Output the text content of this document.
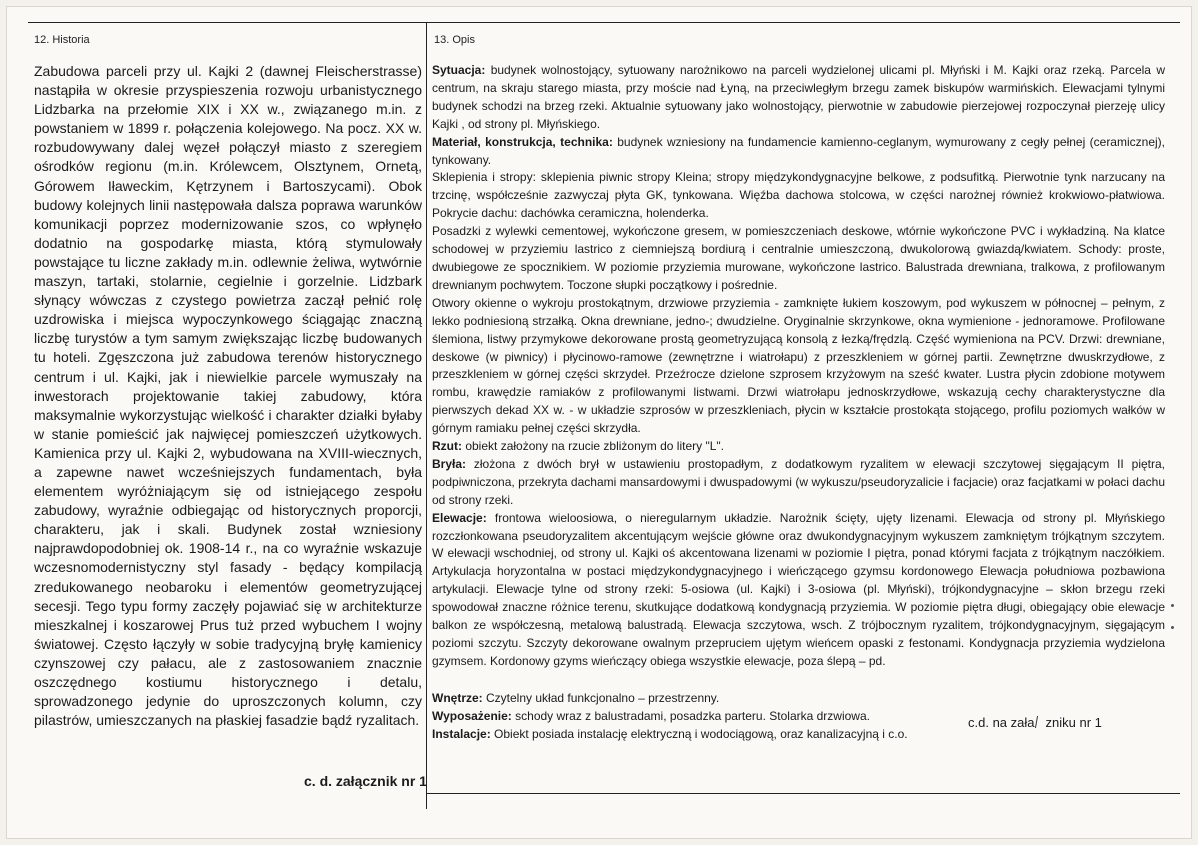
12. Historia	13. Opis

Zabudowa parceli przy ul. Kajki 2 (dawnej Fleischerstrasse) nastąpiła w okresie przyspieszenia rozwoju urbanistycznego Lidzbarka na przełomie XIX i XX w., związanego m.in. z powstaniem w 1899 r. połączenia kolejowego. Na pocz. XX w. rozbudowywany dalej węzeł połączył miasto z szeregiem ośrodków regionu (m.in. Królewcem, Olsztynem, Ornetą, Górowem Iławeckim, Kętrzynem i Bartoszycami). Obok budowy kolejnych linii następowała dalsza poprawa warunków komunikacji poprzez modernizowanie szos, co wpłynęło dodatnio na gospodarkę miasta, którą stymulowały powstające tu liczne zakłady m.in. odlewnie żeliwa, wytwórnie maszyn, tartaki, stolarnie, cegielnie i gorzelnie. Lidzbark słynący wówczas z czystego powietrza zaczął pełnić rolę uzdrowiska i miejsca wypoczynkowego ściągając znaczną liczbę turystów a tym samym zwiększając liczbę budowanych tu hoteli. Zgęszczona już zabudowa terenów historycznego centrum i ul. Kajki, jak i niewielkie parcele wymuszały na inwestorach projektowanie takiej zabudowy, która maksymalnie wykorzystując wielkość i charakter działki byłaby w stanie pomieścić jak najwięcej pomieszczeń użytkowych. Kamienica przy ul. Kajki 2, wybudowana na XVIII-wiecznych, a zapewne nawet wcześniejszych fundamentach, była elementem wyróżniającym się od istniejącego zespołu zabudowy, wyraźnie odbiegając od historycznych proporcji, charakteru, jak i skali. Budynek został wzniesiony najprawdopodobniej ok. 1908-14 r., na co wyraźnie wskazuje wczesnomodernistyczny styl fasady - będący kompilacją zredukowanego neobaroku i elementów geometryzującej secesji. Tego typu formy zaczęły pojawiać się w architekturze mieszkalnej i koszarowej Prus tuż przed wybuchem I wojny światowej. Często łączyły w sobie tradycyjną bryłę kamienicy czynszowej czy pałacu, ale z zastosowaniem znacznie oszczędnego kostiumu historycznego i detalu, sprowadzonego jedynie do uproszczonych kolumn, czy pilastrów, umieszczanych na płaskiej fasadzie bądź ryzalitach.

c. d. załącznik nr 1

Sytuacja: budynek wolnostojący, sytuowany narożnikowo na parceli wydzielonej ulicami pl. Młyński i M. Kajki oraz rzeką. Parcela w centrum, na skraju starego miasta, przy moście nad Łyną, na przeciwległym brzegu zamek biskupów warmińskich. Elewacjami tylnymi budynek schodzi na brzeg rzeki. Aktualnie sytuowany jako wolnostojący, pierwotnie w zabudowie pierzejowej rozpoczynał pierzeję ulicy Kajki , od strony pl. Młyńskiego.

Materiał, konstrukcja, technika: budynek wzniesiony na fundamencie kamienno-ceglanym, wymurowany z cegły pełnej (ceramicznej), tynkowany.

Sklepienia i stropy: sklepienia piwnic stropy Kleina; stropy międzykondygnacyjne belkowe, z podsufitką. Pierwotnie tynk narzucany na trzcinę, współcześnie zazwyczaj płyta GK, tynkowana. Więźba dachowa stolcowa, w części narożnej również krokwiowo-płatwiowa. Pokrycie dachu: dachówka ceramiczna, holenderka.

Posadzki z wylewki cementowej, wykończone gresem, w pomieszczeniach deskowe, wtórnie wykończone PVC i wykładziną. Na klatce schodowej w przyziemiu lastrico z ciemniejszą bordiurą i centralnie umieszczoną, dwukolorową gwiazdą/kwiatem. Schody: proste, dwubiegowe ze spocznikiem. W poziomie przyziemia murowane, wykończone lastrico. Balustrada drewniana, tralkowa, z profilowanym drewnianym pochwytem. Toczone słupki początkowy i pośrednie.

Otwory okienne o wykroju prostokątnym, drzwiowe przyziemia - zamknięte łukiem koszowym, pod wykuszem w północnej – pełnym, z lekko podniesioną strzałką. Okna drewniane, jedno-; dwudzielne. Oryginalnie skrzynkowe, okna wymienione - jednoramowe. Profilowane ślemiona, listwy przymykowe dekorowane prostą geometryzującą konsolą z łezką/frędzlą. Część wymieniona na PCV. Drzwi: drewniane, deskowe (w piwnicy) i płycinowo-ramowe (zewnętrzne i wiatrołapu) z przeszkleniem w górnej partii. Zewnętrzne dwuskrzydłowe, z przeszkleniem w górnej części skrzydeł. Przeźrocze dzielone szprosem krzyżowym na sześć kwater. Lustra płycin zdobione motywem rombu, krawędzie ramiaków z profilowanymi listwami. Drzwi wiatrołapu jednoskrzydłowe, wskazują cechy charakterystyczne dla pierwszych dekad XX w. - w układzie szprosów w przeszkleniach, płycin w kształcie prostokąta stojącego, profilu poziomych wałków w górnym ramiaku pełnej części skrzydła.

Rzut: obiekt założony na rzucie zbliżonym do litery "L".

Bryła: złożona z dwóch brył w ustawieniu prostopadłym, z dodatkowym ryzalitem w elewacji szczytowej sięgającym II piętra, podpiwniczona, przekryta dachami mansardowymi i dwuspadowymi (w wykuszu/pseudoryzalicie i facjacie) oraz facjatkami w połaci dachu od strony rzeki.

Elewacje: frontowa wieloosiowa, o nieregularnym układzie. Narożnik ścięty, ujęty lizenami. Elewacja od strony pl. Młyńskiego rozczłonkowana pseudoryzalitem akcentującym wejście główne oraz dwukondygnacyjnym wykuszem zamkniętym trójkątnym szczytem. W elewacji wschodniej, od strony ul. Kajki oś akcentowana lizenami w poziomie I piętra, ponad którymi facjata z trójkątnym naczółkiem. Artykulacja horyzontalna w postaci międzykondygnacyjnego i wieńczącego gzymsu kordonowego Elewacja południowa pozbawiona artykulacji. Elewacje tylne od strony rzeki: 5-osiowa (ul. Kajki) i 3-osiowa (pl. Młyński), trójkondygnacyjne – skłon brzegu rzeki spowodował znaczne różnice terenu, skutkujące dodatkową kondygnacją przyziemia. W poziomie piętra długi, obiegający obie elewacje balkon ze współczesną, metalową balustradą. Elewacja szczytowa, wsch. Z trójbocznym ryzalitem, trójkondygnacyjnym, sięgającym poziomi szczytu. Szczyty dekorowane owalnym przepruciem ujętym wieńcem opaski z festonami. Kondygnacja przyziemia wydzielona gzymsem. Kordonowy gzyms wieńczący obiega wszystkie elewacje, poza ślepą – pd.

Wnętrze: Czytelny układ funkcjonalno – przestrzenny.

Wyposażenie: schody wraz z balustradami, posadzka parteru. Stolarka drzwiowa.

Instalacje: Obiekt posiada instalację elektryczną i wodociągową, oraz kanalizacyjną i c.o.

c.d. na zała zniku nr 1
